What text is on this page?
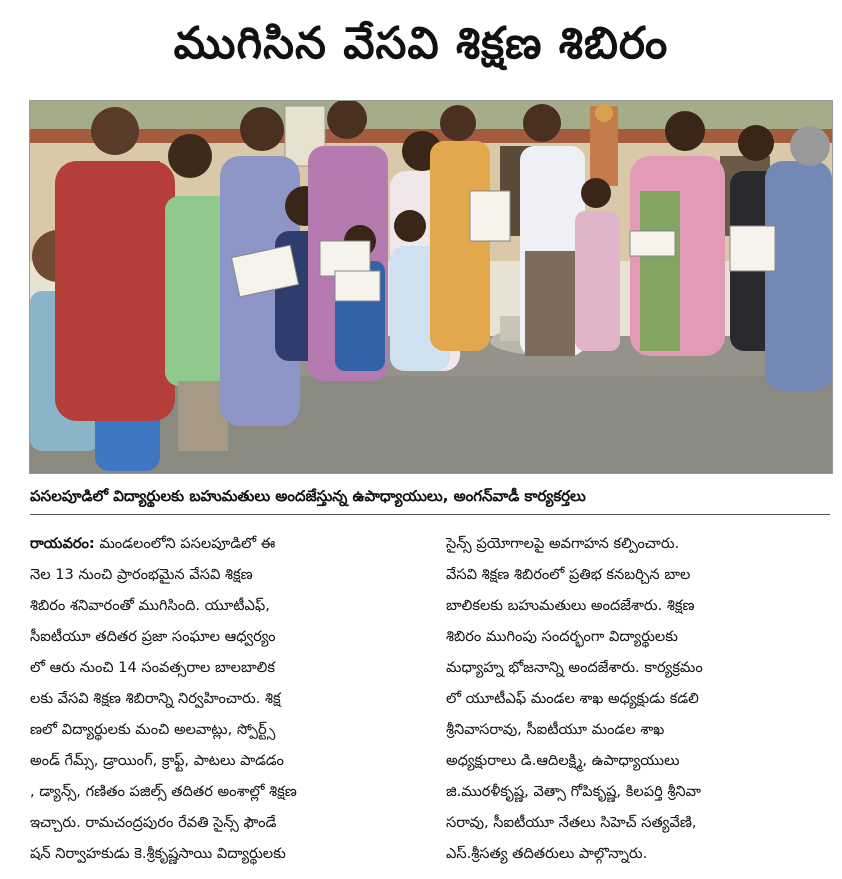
ముగిసిన వేసవి శిక్షణ శిబిరం
పసలపూడిలో విద్యార్థులకు బహుమతులు అందజేస్తున్న ఉపాధ్యాయులు, అంగన్‌వాడీ కార్యకర్తలు
రాయవరం: మండలంలోని పసలపూడిలో ఈ
నెల 13 నుంచి ప్రారంభమైన వేసవి శిక్షణ
శిబిరం శనివారంతో ముగిసింది. యూటీఎఫ్,
సీఐటీయూ తదితర ప్రజా సంఘాల ఆధ్వర్యం
లో ఆరు నుంచి 14 సంవత్సరాల బాలబాలిక
లకు వేసవి శిక్షణ శిబిరాన్ని నిర్వహించారు. శిక్ష
ణలో విద్యార్థులకు మంచి అలవాట్లు, స్పోర్ట్స్
అండ్ గేమ్స్, డ్రాయింగ్, క్రాఫ్ట్, పాటలు పాడడం
, డ్యాన్స్, గణితం పజిల్స్ తదితర అంశాల్లో శిక్షణ
ఇచ్చారు. రామచంద్రపురం రేవతి సైన్స్ ఫౌండే
షన్ నిర్వాహకుడు కె.శ్రీకృష్ణసాయి విద్యార్థులకు
సైన్స్ ప్రయోగాలపై అవగాహన కల్పించారు.
వేసవి శిక్షణ శిబిరంలో ప్రతిభ కనబర్చిన బాల
బాలికలకు బహుమతులు అందజేశారు. శిక్షణ
శిబిరం ముగింపు సందర్భంగా విద్యార్థులకు
మధ్యాహ్న భోజనాన్ని అందజేశారు. కార్యక్రమం
లో యూటీఎఫ్ మండల శాఖ అధ్యక్షుడు కడలి
శ్రీనివాసరావు, సీఐటీయూ మండల శాఖ
అధ్యక్షురాలు డి.ఆదిలక్ష్మి, ఉపాధ్యాయులు
జి.మురళీకృష్ణ, వెత్సా గోపికృష్ణ, కిలపర్తి శ్రీనివా
సరావు, సీఐటీయూ నేతలు సిహెచ్ సత్యవేణి,
ఎస్.శ్రీసత్య తదితరులు పాల్గొన్నారు.
